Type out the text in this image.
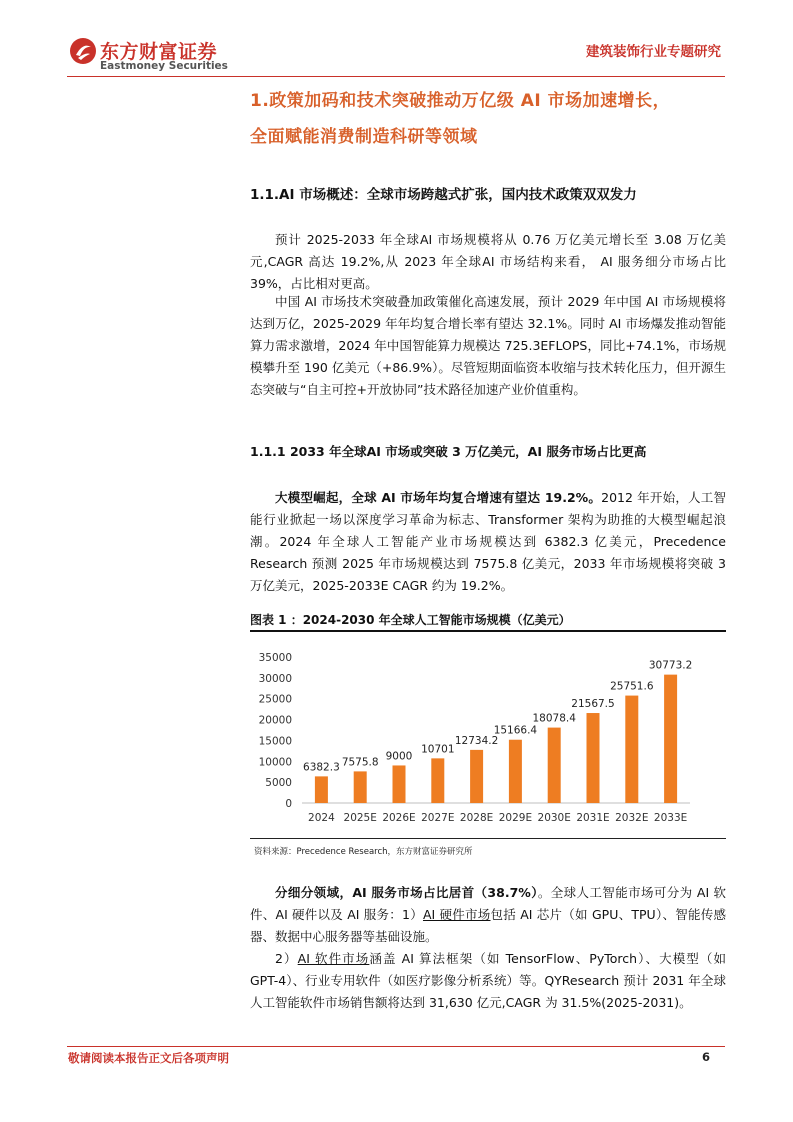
东方财富证券
Eastmoney Securities
建筑装饰行业专题研究
1.政策加码和技术突破推动万亿级 AI 市场加速增长，
全面赋能消费制造科研等领域
1.1.AI 市场概述：全球市场跨越式扩张，国内技术政策双双发力

预计 2025-2033 年全球AI 市场规模将从 0.76 万亿美元增长至 3.08 万亿美元,CAGR 高达 19.2%,从 2023 年全球AI 市场结构来看， AI 服务细分市场占比 39%，占比相对更高。

中国 AI 市场技术突破叠加政策催化高速发展，预计 2029 年中国 AI 市场规模将达到万亿，2025-2029 年年均复合增长率有望达 32.1%。同时 AI 市场爆发推动智能算力需求激增，2024 年中国智能算力规模达 725.3EFLOPS，同比+74.1%，市场规模攀升至 190 亿美元（+86.9%）。尽管短期面临资本收缩与技术转化压力，但开源生态突破与“自主可控+开放协同”技术路径加速产业价值重构。

1.1.1 2033 年全球AI 市场或突破 3 万亿美元，AI 服务市场占比更高

大模型崛起，全球 AI 市场年均复合增速有望达 19.2%。2012 年开始，人工智能行业掀起一场以深度学习革命为标志、Transformer 架构为助推的大模型崛起浪潮。2024 年全球人工智能产业市场规模达到 6382.3 亿美元，Precedence Research 预测 2025 年市场规模达到 7575.8 亿美元，2033 年市场规模将突破 3 万亿美元，2025-2033E CAGR 约为 19.2%。

图表 1 ：2024-2030 年全球人工智能市场规模（亿美元）
35000
30000
25000
20000
15000
10000
5000
0
6382.3 7575.8 9000
10701
12734.2
15166.4
18078.4
21567.5
25751.6
30773.2
2024 2025E 2026E 2027E 2028E 2029E 2030E 2031E 2032E 2033E
资料来源：Precedence Research，东方财富证券研究所

分细分领域，AI 服务市场占比居首（38.7%）。全球人工智能市场可分为 AI 软件、AI 硬件以及 AI 服务：1）AI 硬件市场包括 AI 芯片（如 GPU、TPU）、智能传感器、数据中心服务器等基础设施。

2）AI 软件市场涵盖 AI 算法框架（如 TensorFlow、PyTorch）、大模型（如 GPT-4）、行业专用软件（如医疗影像分析系统）等。QYResearch 预计 2031 年全球人工智能软件市场销售额将达到 31,630 亿元,CAGR 为 31.5%(2025-2031)。

敬请阅读本报告正文后各项声明	6
